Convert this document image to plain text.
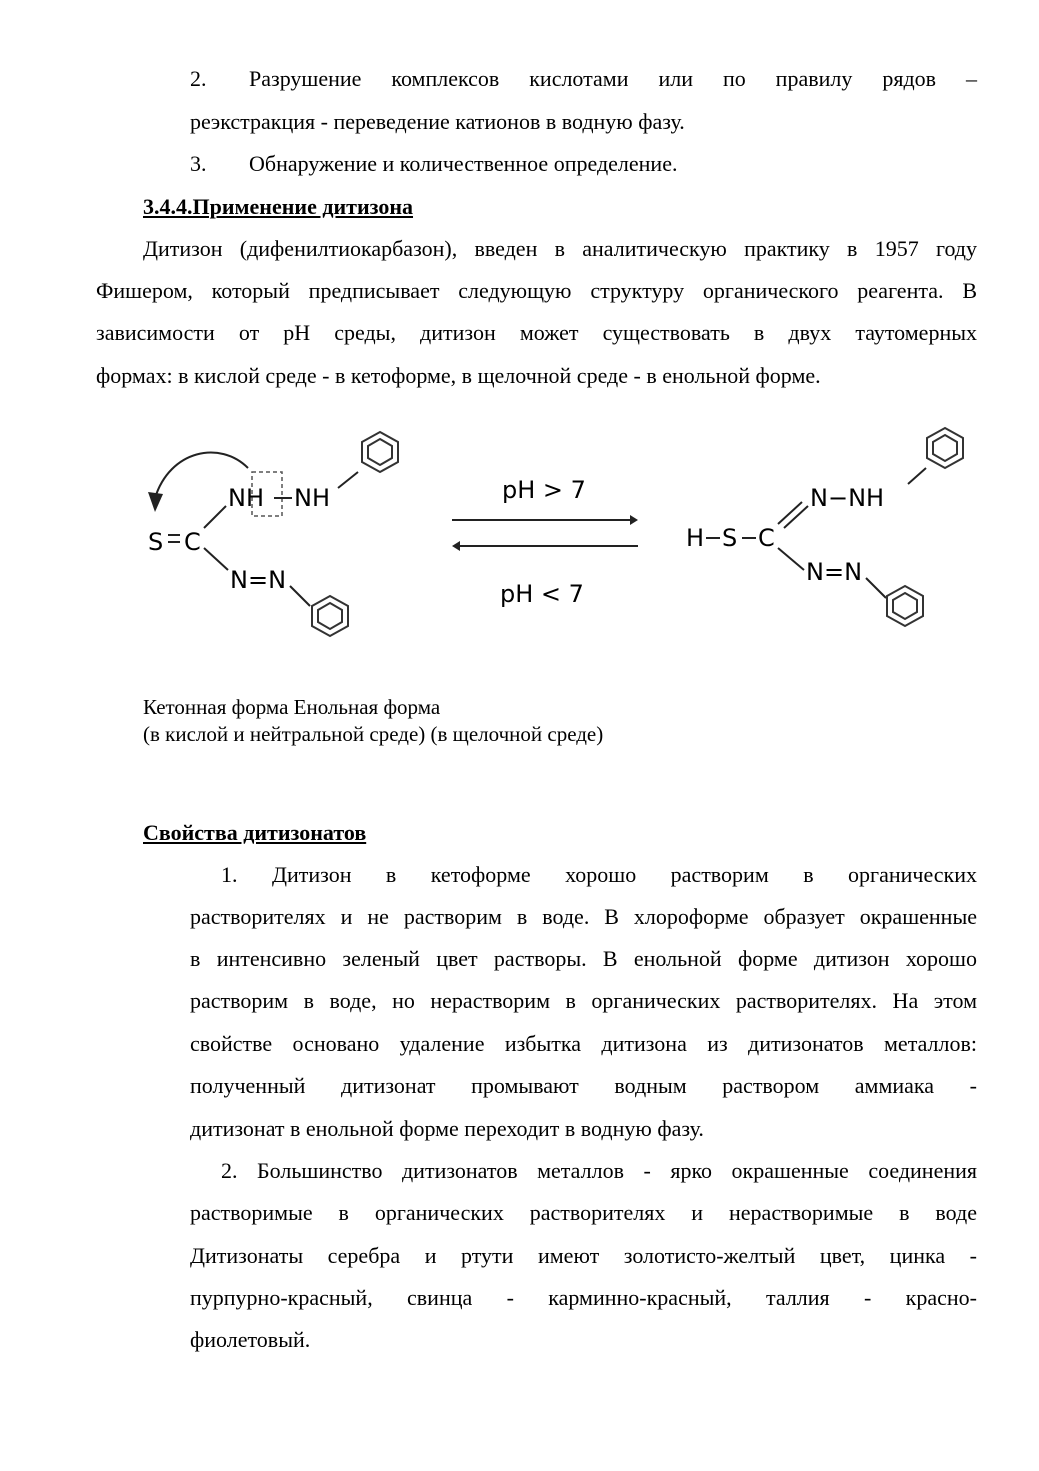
2. Разрушение комплексов кислотами или по правилу рядов –
реэкстракция - переведение катионов в водную фазу.
3. Обнаружение и количественное определение.
3.4.4.Применение дитизона
Дитизон (дифенилтиокарбазон), введен в аналитическую практику в 1957 году
Фишером, который предписывает следующую структуру органического реагента. В
зависимости от pH среды, дитизон может существовать в двух таутомерных
формах: в кислой среде - в кетоформе, в щелочной среде - в енольной форме.
S C
NH NH
N=N
pH > 7
pH < 7
H S C
N−NH
N=N
Кетонная форма Енольная форма
(в кислой и нейтральной среде) (в щелочной среде)
Свойства дитизонатов
1. Дитизон в кетоформе хорошо растворим в органических
растворителях и не растворим в воде. В хлороформе образует окрашенные
в интенсивно зеленый цвет растворы. В енольной форме дитизон хорошо
растворим в воде, но нерастворим в органических растворителях. На этом
свойстве основано удаление избытка дитизона из дитизонатов металлов:
полученный дитизонат промывают водным раствором аммиака -
дитизонат в енольной форме переходит в водную фазу.
2. Большинство дитизонатов металлов - ярко окрашенные соединения
растворимые в органических растворителях и нерастворимые в воде
Дитизонаты серебра и ртути имеют золотисто-желтый цвет, цинка -
пурпурно-красный, свинца - карминно-красный, таллия - красно-
фиолетовый.
